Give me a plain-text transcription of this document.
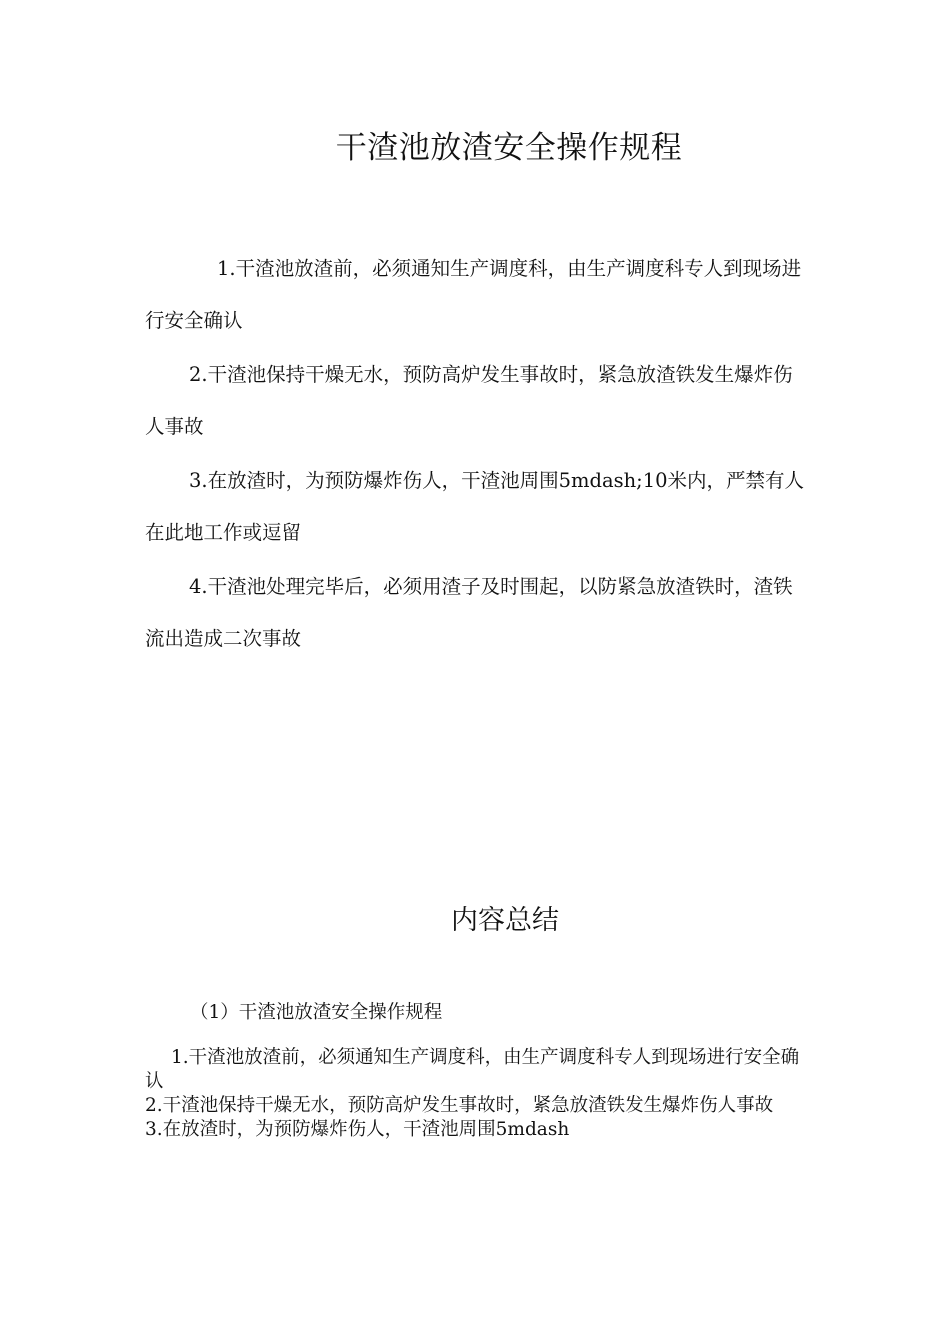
干渣池放渣安全操作规程

1.干渣池放渣前，必须通知生产调度科，由生产调度科专人到现场进行安全确认

2.干渣池保持干燥无水，预防高炉发生事故时，紧急放渣铁发生爆炸伤人事故

3.在放渣时，为预防爆炸伤人，干渣池周围5mdash;10米内，严禁有人在此地工作或逗留

4.干渣池处理完毕后，必须用渣子及时围起，以防紧急放渣铁时，渣铁流出造成二次事故

内容总结

（1）干渣池放渣安全操作规程

1.干渣池放渣前，必须通知生产调度科，由生产调度科专人到现场进行安全确认

2.干渣池保持干燥无水，预防高炉发生事故时，紧急放渣铁发生爆炸伤人事故

3.在放渣时，为预防爆炸伤人，干渣池周围5mdash
